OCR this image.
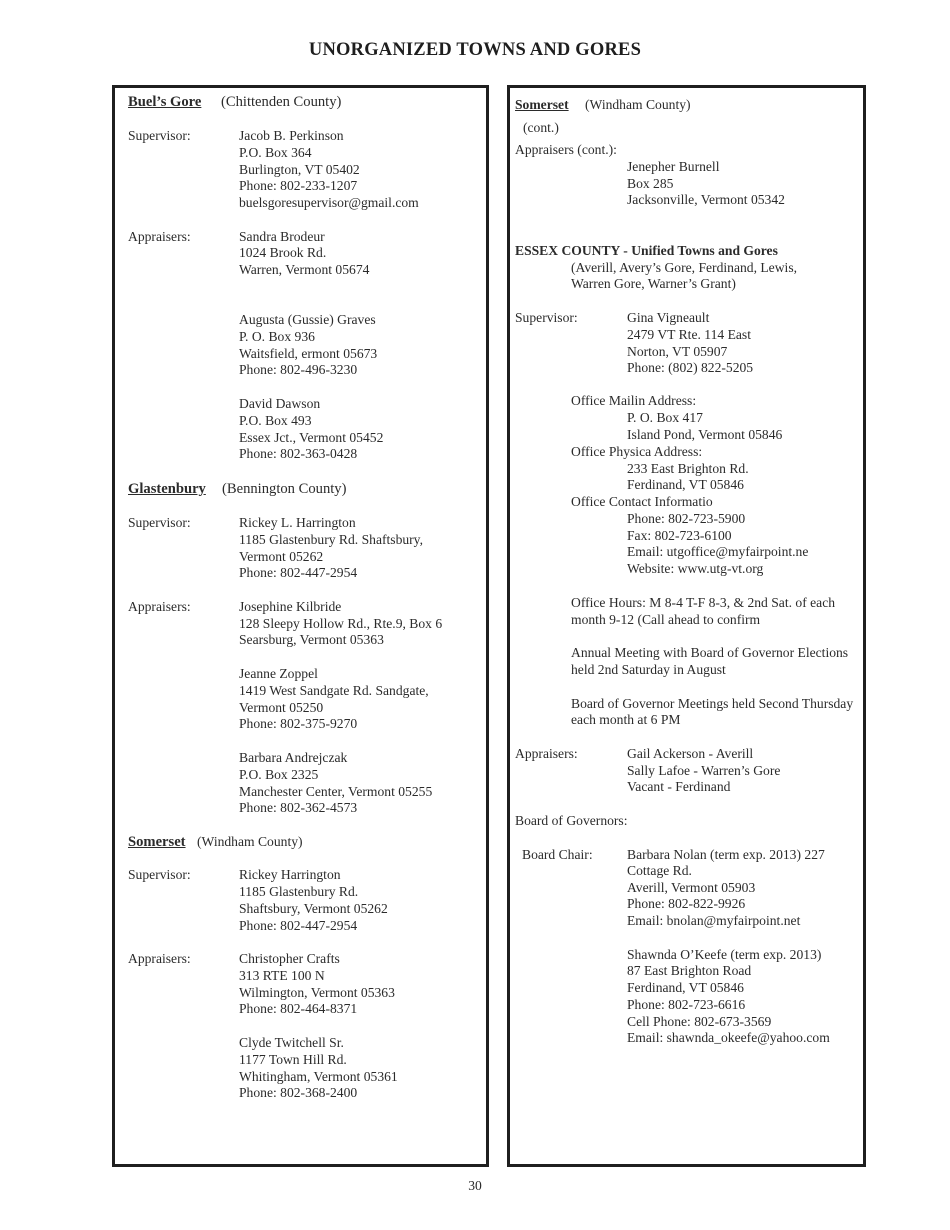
UNORGANIZED TOWNS AND GORES
Buel’s Gore (Chittenden County)
Supervisor:	Jacob B. Perkinson
P.O. Box 364
Burlington, VT 05402
Phone: 802-233-1207
buelsgoresupervisor@gmail.com
Appraisers:	Sandra Brodeur
1024 Brook Rd.
Warren, Vermont 05674
Augusta (Gussie) Graves
P. O. Box 936
Waitsfield, ermont 05673
Phone: 802-496-3230
David Dawson
P.O. Box 493
Essex Jct., Vermont 05452
Phone: 802-363-0428
Glastenbury (Bennington County)
Supervisor:	Rickey L. Harrington
1185 Glastenbury Rd. Shaftsbury,
Vermont 05262
Phone: 802-447-2954
Appraisers:	Josephine Kilbride
128 Sleepy Hollow Rd., Rte.9, Box 6
Searsburg, Vermont 05363
Jeanne Zoppel
1419 West Sandgate Rd. Sandgate,
Vermont 05250
Phone: 802-375-9270
Barbara Andrejczak
P.O. Box 2325
Manchester Center, Vermont 05255
Phone: 802-362-4573
Somerset (Windham County)
Supervisor:	Rickey Harrington
1185 Glastenbury Rd.
Shaftsbury, Vermont 05262
Phone: 802-447-2954
Appraisers:	Christopher Crafts
313 RTE 100 N
Wilmington, Vermont 05363
Phone: 802-464-8371
Clyde Twitchell Sr.
1177 Town Hill Rd.
Whitingham, Vermont 05361
Phone: 802-368-2400
Somerset (Windham County)
(cont.)
Appraisers (cont.):
Jenepher Burnell
Box 285
Jacksonville, Vermont 05342
ESSEX COUNTY - Unified Towns and Gores
(Averill, Avery’s Gore, Ferdinand, Lewis,
Warren Gore, Warner’s Grant)
Supervisor:	Gina Vigneault
2479 VT Rte. 114 East
Norton, VT 05907
Phone: (802) 822-5205
Office Mailin Address:
P. O. Box 417
Island Pond, Vermont 05846
Office Physica Address:
233 East Brighton Rd.
Ferdinand, VT 05846
Office Contact Informatio
Phone: 802-723-5900
Fax: 802-723-6100
Email: utgoffice@myfairpoint.ne
Website: www.utg-vt.org
Office Hours: M 8-4 T-F 8-3, & 2nd Sat. of each
month 9-12 (Call ahead to confirm
Annual Meeting with Board of Governor Elections
held 2nd Saturday in August
Board of Governor Meetings held Second Thursday
each month at 6 PM
Appraisers:	Gail Ackerson - Averill
Sally Lafoe - Warren’s Gore
Vacant - Ferdinand
Board of Governors:
Board Chair:	Barbara Nolan (term exp. 2013) 227
Cottage Rd.
Averill, Vermont 05903
Phone: 802-822-9926
Email: bnolan@myfairpoint.net
Shawnda O’Keefe (term exp. 2013)
87 East Brighton Road
Ferdinand, VT 05846
Phone: 802-723-6616
Cell Phone: 802-673-3569
Email: shawnda_okeefe@yahoo.com
30
